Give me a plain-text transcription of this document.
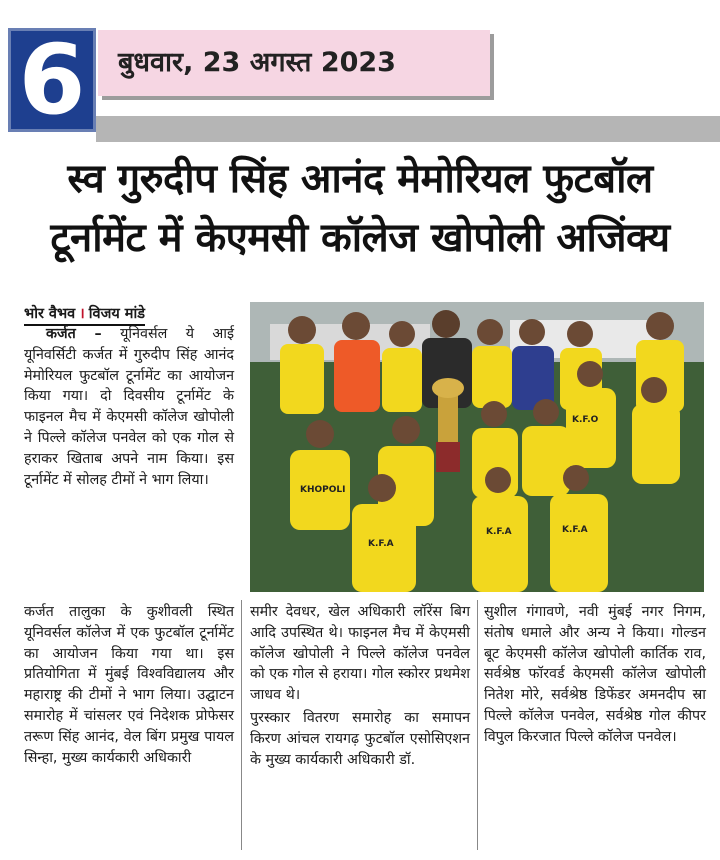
6	बुधवार, 23 अगस्त 2023
स्व गुरुदीप सिंह आनंद मेमोरियल फुटबॉल
टूर्नामेंट में केएमसी कॉलेज खोपोली अजिंक्य
भोर वैभव । विजय मांडे

कर्जत – यूनिवर्सल ये आई यूनिवर्सिटी कर्जत में गुरुदीप सिंह आनंद मेमोरियल फुटबॉल टूर्नामेंट का आयोजन किया गया। दो दिवसीय टूर्नामेंट के फाइनल मैच में केएमसी कॉलेज खोपोली ने पिल्ले कॉलेज पनवेल को एक गोल से हराकर खिताब अपने नाम किया। इस टूर्नामेंट में सोलह टीमों ने भाग लिया।

KHOPOLI
K.F.A	K.F.A
K.F.O
K.F.A

कर्जत तालुका के कुशीवली स्थित यूनिवर्सल कॉलेज में एक फुटबॉल टूर्नामेंट का आयोजन किया गया था। इस प्रतियोगिता में मुंबई विश्वविद्यालय और महाराष्ट्र की टीमों ने भाग लिया। उद्घाटन समारोह में चांसलर एवं निदेशक प्रोफेसर तरूण सिंह आनंद, वेल बिंग प्रमुख पायल सिन्हा, मुख्य कार्यकारी अधिकारी

समीर देवधर, खेल अधिकारी लॉरेंस बिग आदि उपस्थित थे। फाइनल मैच में केएमसी कॉलेज खोपोली ने पिल्ले कॉलेज पनवेल को एक गोल से हराया। गोल स्कोरर प्रथमेश जाधव थे।

पुरस्कार वितरण समारोह का समापन किरण आंचल रायगढ़ फुटबॉल एसोसिएशन के मुख्य कार्यकारी अधिकारी डॉ.

सुशील गंगावणे, नवी मुंबई नगर निगम, संतोष धमाले और अन्य ने किया। गोल्डन बूट केएमसी कॉलेज खोपोली कार्तिक राव, सर्वश्रेष्ठ फॉरवर्ड केएमसी कॉलेज खोपोली नितेश मोरे, सर्वश्रेष्ठ डिफेंडर अमनदीप स्रा पिल्ले कॉलेज पनवेल, सर्वश्रेष्ठ गोल कीपर विपुल किरजात पिल्ले कॉलेज पनवेल।
